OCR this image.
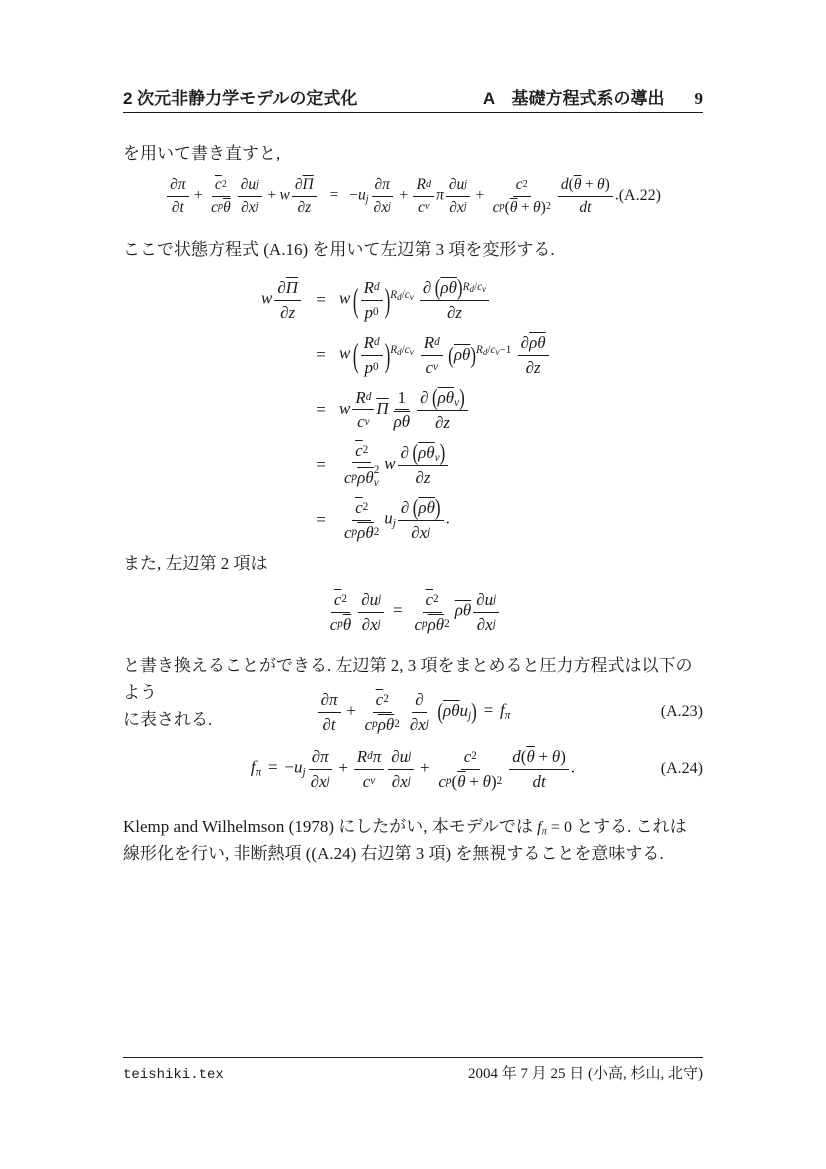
2 次元非静力学モデルの定式化	A　基礎方程式系の導出 9

を用いて書き直すと,

$\frac{\partial\pi}{\partial t} + \frac{\overline{c} 2}{c p \overline{\theta}} \frac{\text{∂u j}}{\text{∂x j}} + w \frac{\partial \overline{\Pi}}{\partial z} = -uj \frac{\partial\pi}{\text{∂x j}} + \frac{\text{R d}}{\text{c v}}$ π $\frac{\text{∂u j}}{\text{∂x j}} + \frac{c 2}{c p ( \overline{\theta} + \theta ) 2} \frac{d ( \overline{\theta} + \theta )}{dt}$ . (A.22)

ここで状態方程式 (A.16) を用いて左辺第 3 項を変形する.

w $\frac{\partial \overline{\Pi}}{\partial z} = w$ ( $\frac{\text{R d}}{p 0}$ ) $^{R_d/c_v} \frac{\partial ( \overline{\rho}\overline{\theta} ) R_d/c_v}{\partial z}$
= w ( $\frac{\text{R d}}{p 0}$ ) $^{R_d/c_v} \frac{\text{R d}}{\text{c v}}$ ( $\overline{\rho}\overline{\theta}$ ) $^{R_d/c_v-1} \frac{\partial \overline{\rho} \overline{\theta}}{\partial z}$
= w $\frac{\text{R d}}{\text{c v}} \overline{\Pi} \frac{1}{\overline{\rho} \overline{\theta}} \frac{\partial ( \overline{\rho}\overline{\theta}v )}{\partial z}$
= $\overline{c}$ 2
c p $\overline{\rho}$ $\overline{\theta}$ 2
v w $\frac{\partial ( \overline{\rho}\overline{\theta}v )}{\partial z}$
= $\frac{\overline{c} 2}{c p \overline{\rho} \overline{\theta} 2}$ uj $\frac{\partial ( \overline{\rho}\overline{\theta} )}{\text{∂x j}}$ .

また, 左辺第 2 項は

$\frac{\overline{c} 2}{c p \overline{\theta}} \frac{\text{∂u j}}{\text{∂x j}} = \frac{\overline{c} 2}{c p \overline{\rho} \overline{\theta} 2} \overline{\rho}\overline{\theta} \frac{\text{∂u j}}{\text{∂x j}}$
と書き換えることができる. 左辺第 2, 3 項をまとめると圧力方程式は以下のよう
に表される.	$\frac{\partial\pi}{\partial t} + \frac{\overline{c} 2}{c p \overline{\rho} \overline{\theta} 2} \frac{\partial}{\text{∂x j}}$ ( $\overline{\rho}\overline{\theta}uj$ ) = fπ	(A.23)
$f\pi = -uj \frac{\partial\pi}{\text{∂x j}} + \frac{\text{R d π}}{\text{c v}} \frac{\text{∂u j}}{\text{∂x j}} + \frac{c 2}{c p ( \overline{\theta} + \theta ) 2} \frac{d ( \overline{\theta} + \theta )}{dt}$ .	(A.24)
Klemp and Wilhelmson (1978) にしたがい, 本モデルでは fπ = 0 とする. これは
線形化を行い, 非断熱項 ((A.24) 右辺第 3 項) を無視することを意味する.
teishiki.tex	2004 年 7 月 25 日 (小高, 杉山, 北守)
